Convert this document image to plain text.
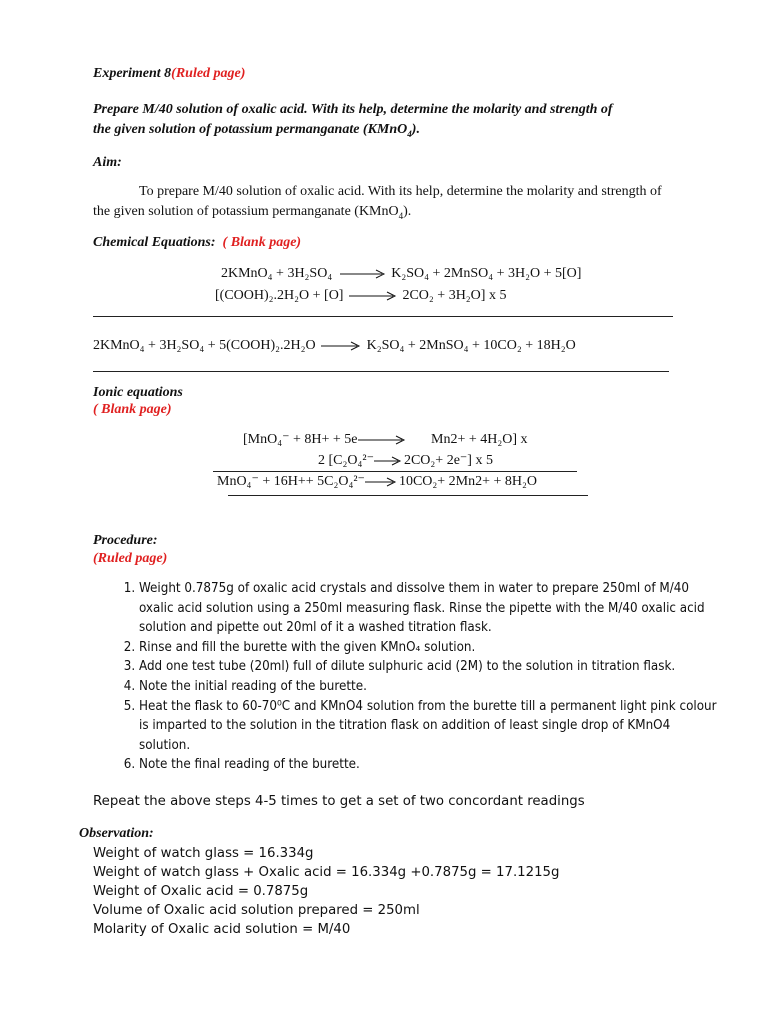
Experiment 8(Ruled page)
Prepare M/40 solution of oxalic acid. With its help, determine the molarity and strength of
the given solution of potassium permanganate (KMnO$_4$).
Aim:
To prepare M/40 solution of oxalic acid. With its help, determine the molarity and strength of the given solution of potassium permanganate (KMnO$_4$).
Chemical Equations: ( Blank page)
2KMnO₄ + 3H₂SO₄ → K₂SO₄ + 2MnSO₄ + 3H₂O + 5[O]
[(COOH)₂.2H₂O + [O] → 2CO₂ + 3H₂O] x 5
2KMnO₄ + 3H₂SO₄ + 5(COOH)₂.2H₂O → K₂SO₄ + 2MnSO₄ + 10CO₂ + 18H₂O
Ionic equations
( Blank page)
[MnO₄⁻ + 8H+ + 5e→ Mn2+ + 4H₂O] x
2 [C₂O₄²⁻→2CO₂+ 2e⁻] x 5
MnO₄⁻ + 16H++ 5C₂O₄²⁻→10CO₂+ 2Mn2+ + 8H₂O
Procedure:
(Ruled page)
1. Weight 0.7875g of oxalic acid crystals and dissolve them in water to prepare 250ml of M/40 oxalic acid solution using a 250ml measuring flask. Rinse the pipette with the M/40 oxalic acid solution and pipette out 20ml of it a washed titration flask.
2. Rinse and fill the burette with the given KMnO₄ solution.
3. Add one test tube (20ml) full of dilute sulphuric acid (2M) to the solution in titration flask.
4. Note the initial reading of the burette.
5. Heat the flask to 60-70⁰C and KMnO4 solution from the burette till a permanent light pink colour is imparted to the solution in the titration flask on addition of least single drop of KMnO4 solution.
6. Note the final reading of the burette.
Repeat the above steps 4-5 times to get a set of two concordant readings
Observation:
Weight of watch glass = 16.334g
Weight of watch glass + Oxalic acid = 16.334g +0.7875g = 17.1215g
Weight of Oxalic acid = 0.7875g
Volume of Oxalic acid solution prepared = 250ml
Molarity of Oxalic acid solution = M/40
